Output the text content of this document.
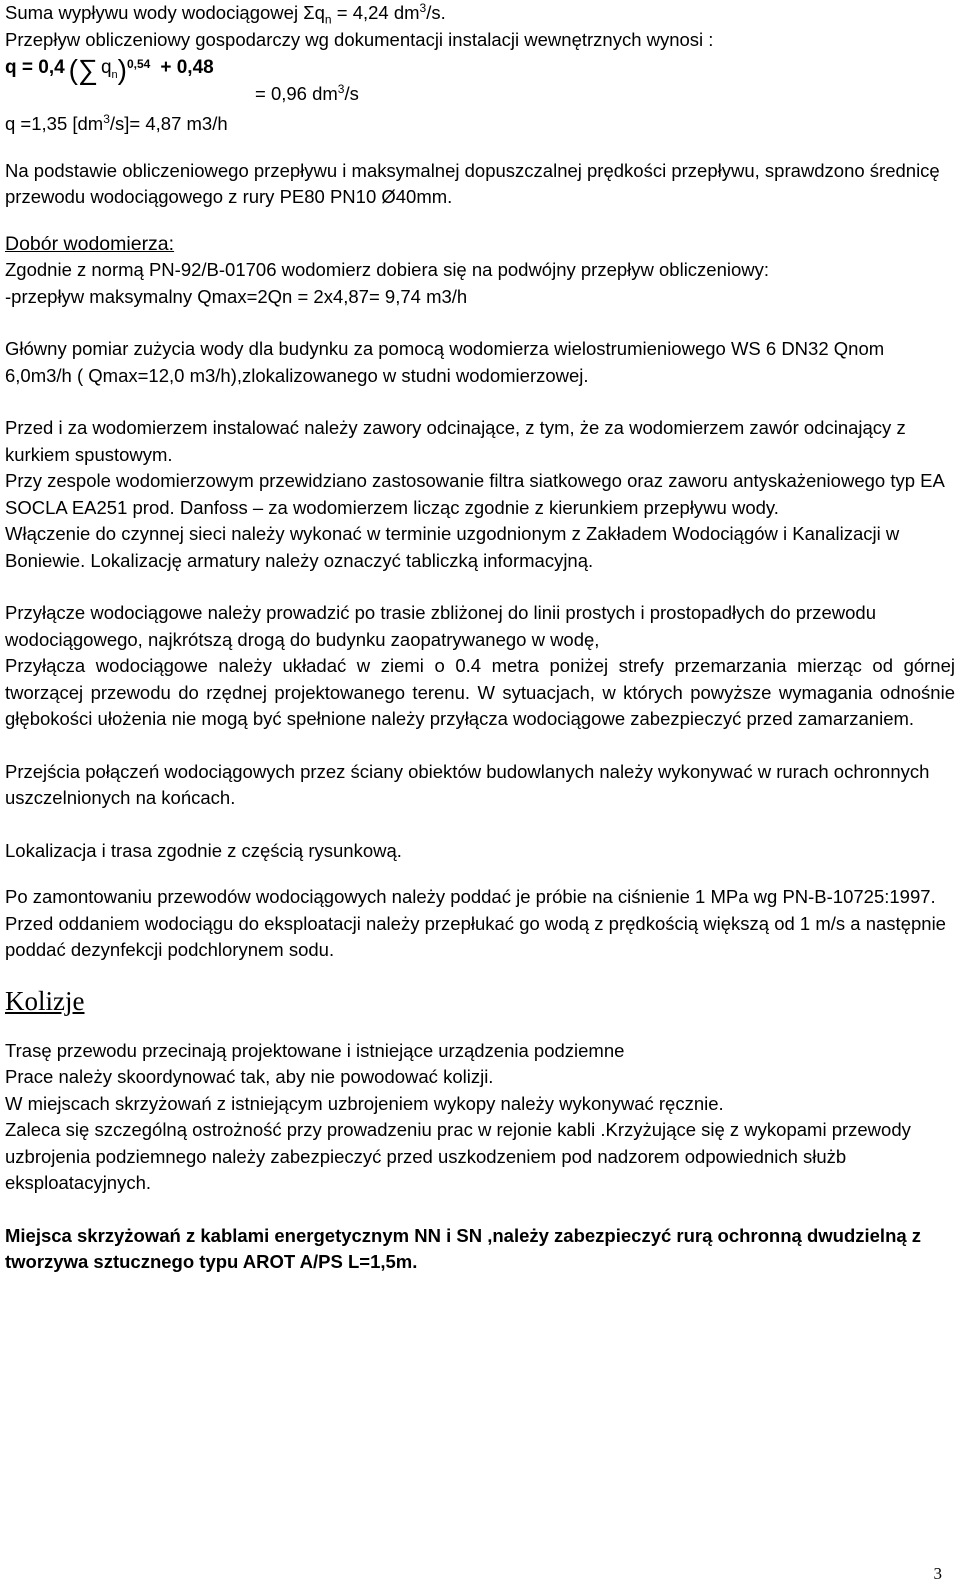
Suma wypływu wody wodociągowej $\Sigma q_n = 4,24$ $dm^3/s$.

Przepływ obliczeniowy gospodarczy wg dokumentacji instalacji wewnętrznych wynosi :

q = 0,4 ( ∑ $q_n$ ) 0,54 + 0,48
= 0,96 $dm^3/s$

q =1,35 $[dm^3/s]= 4,87$ m3/h

Na podstawie obliczeniowego przepływu i maksymalnej dopuszczalnej prędkości przepływu, sprawdzono średnicę przewodu wodociągowego z rury PE80 PN10 Ø40mm.

Dobór wodomierza:

Zgodnie z normą PN-92/B-01706 wodomierz dobiera się na podwójny przepływ obliczeniowy:

-przepływ maksymalny Qmax=2Qn = 2x4,87= 9,74 m3/h

Główny pomiar zużycia wody dla budynku za pomocą wodomierza wielostrumieniowego WS 6 DN32 Qnom 6,0m3/h ( Qmax=12,0 m3/h),zlokalizowanego w studni wodomierzowej.

Przed i za wodomierzem instalować należy zawory odcinające, z tym, że za wodomierzem zawór odcinający z kurkiem spustowym.

Przy zespole wodomierzowym przewidziano zastosowanie filtra siatkowego oraz zaworu antyskażeniowego typ EA SOCLA EA251 prod. Danfoss – za wodomierzem licząc zgodnie z kierunkiem przepływu wody.

Włączenie do czynnej sieci należy wykonać w terminie uzgodnionym z Zakładem Wodociągów i Kanalizacji w Boniewie. Lokalizację armatury należy oznaczyć tabliczką informacyjną.

Przyłącze wodociągowe należy prowadzić po trasie zbliżonej do linii prostych i prostopadłych do przewodu wodociągowego, najkrótszą drogą do budynku zaopatrywanego w wodę,

Przyłącza wodociągowe należy układać w ziemi o 0.4 metra poniżej strefy przemarzania mierząc od górnej tworzącej przewodu do rzędnej projektowanego terenu. W sytuacjach, w których powyższe wymagania odnośnie głębokości ułożenia nie mogą być spełnione należy przyłącza wodociągowe zabezpieczyć przed zamarzaniem.

Przejścia połączeń wodociągowych przez ściany obiektów budowlanych należy wykonywać w rurach ochronnych uszczelnionych na końcach.

Lokalizacja i trasa zgodnie z częścią rysunkową.

Po zamontowaniu przewodów wodociągowych należy poddać je próbie na ciśnienie 1 MPa wg PN-B-10725:1997.

Przed oddaniem wodociągu do eksploatacji należy przepłukać go wodą z prędkością większą od 1 m/s a następnie poddać dezynfekcji podchlorynem sodu.

Kolizje

Trasę przewodu przecinają projektowane i istniejące urządzenia podziemne

Prace należy skoordynować tak, aby nie powodować kolizji.

W miejscach skrzyżowań z istniejącym uzbrojeniem wykopy należy wykonywać ręcznie.

Zaleca się szczególną ostrożność przy prowadzeniu prac w rejonie kabli .Krzyżujące się z wykopami przewody uzbrojenia podziemnego należy zabezpieczyć przed uszkodzeniem pod nadzorem odpowiednich służb eksploatacyjnych.

Miejsca skrzyżowań z kablami energetycznym NN i SN ,należy zabezpieczyć rurą ochronną dwudzielną z tworzywa sztucznego typu AROT A/PS L=1,5m.

3
